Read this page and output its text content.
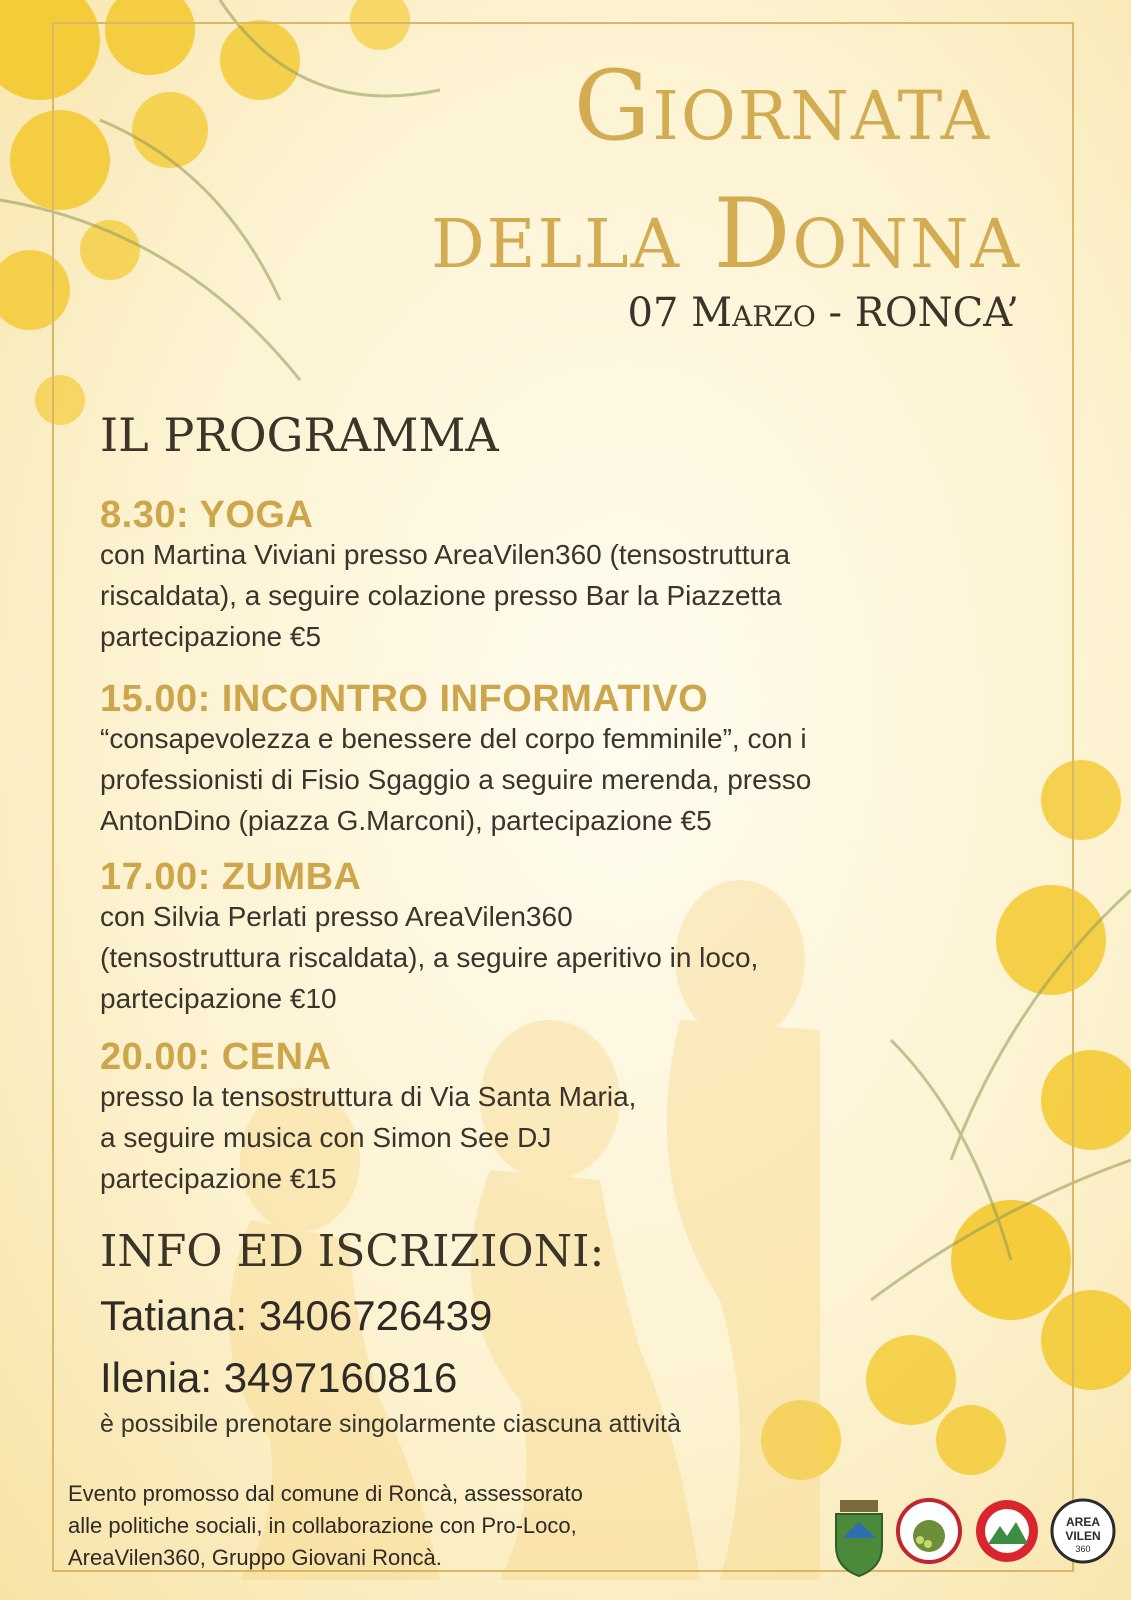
Giornata
della Donna
07 Marzo - RONCA’
IL PROGRAMMA
8.30: YOGA
con Martina Viviani presso AreaVilen360 (tensostruttura
riscaldata), a seguire colazione presso Bar la Piazzetta
partecipazione €5
15.00: INCONTRO INFORMATIVO
“consapevolezza e benessere del corpo femminile”, con i
professionisti di Fisio Sgaggio a seguire merenda, presso
AntonDino (piazza G.Marconi), partecipazione €5
17.00: ZUMBA
con Silvia Perlati presso AreaVilen360
(tensostruttura riscaldata), a seguire aperitivo in loco,
partecipazione €10
20.00: CENA
presso la tensostruttura di Via Santa Maria,
a seguire musica con Simon See DJ
partecipazione €15
INFO ED ISCRIZIONI:
Tatiana: 3406726439
Ilenia: 3497160816
è possibile prenotare singolarmente ciascuna attività
Evento promosso dal comune di Roncà, assessorato
alle politiche sociali, in collaborazione con Pro-Loco,
AreaVilen360, Gruppo Giovani Roncà.
AREA
VILEN
360
